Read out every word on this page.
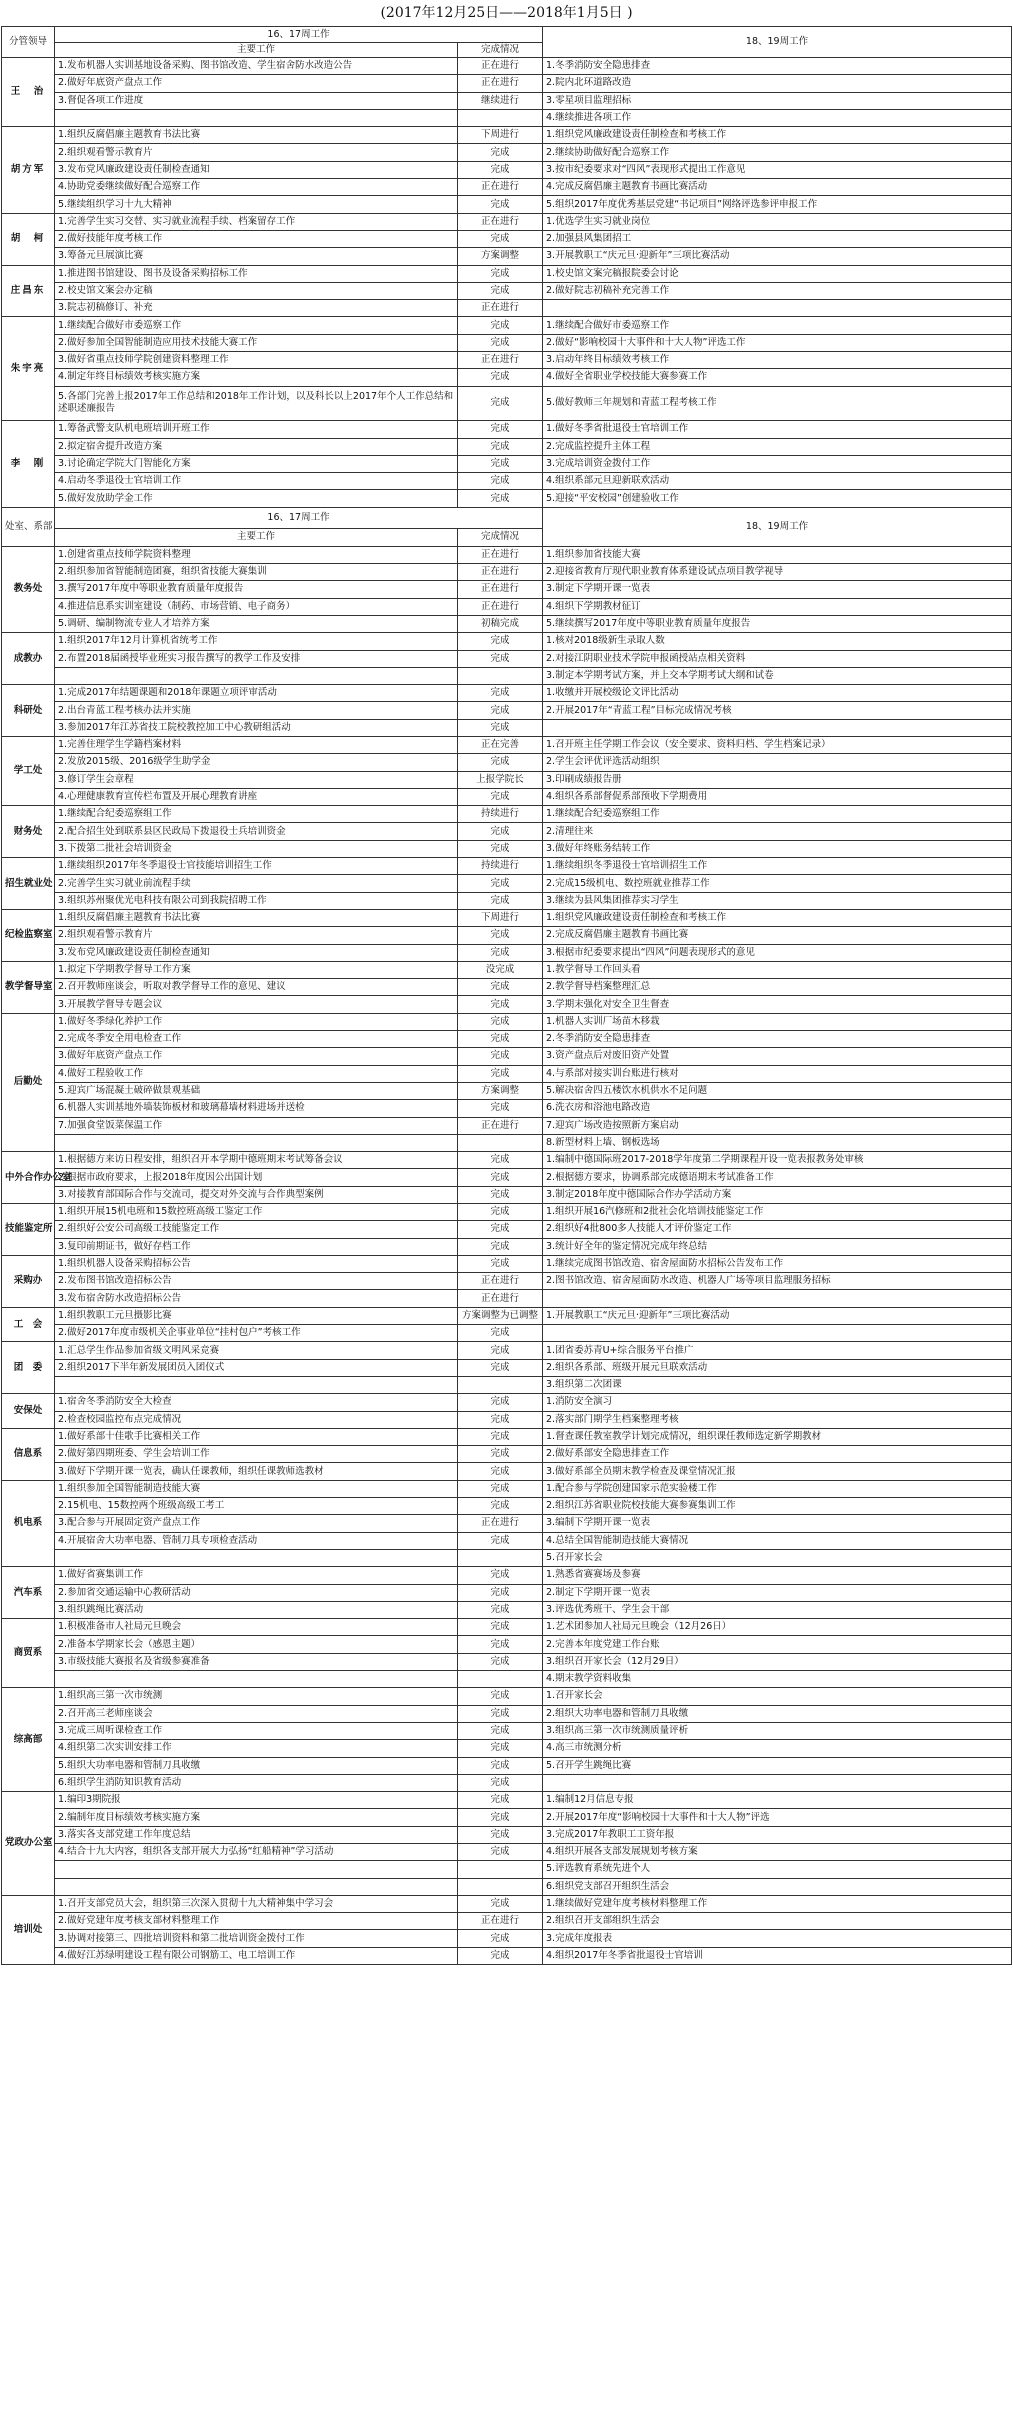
(2017年12月25日——2018年1月5日 )
分管领导	16、17周工作		18、19周工作
	主要工作	完成情况	
王　治	1.发布机器人实训基地设备采购、图书馆改造、学生宿舍防水改造公告	正在进行	1.冬季消防安全隐患排查
	2.做好年底资产盘点工作	正在进行	2.院内北环道路改造
	3.督促各项工作进度	继续进行	3.零星项目监理招标
			4.继续推进各项工作
胡方军	1.组织反腐倡廉主题教育书法比赛	下周进行	1.组织党风廉政建设责任制检查和考核工作
	2.组织观看警示教育片	完成	2.继续协助做好配合巡察工作
	3.发布党风廉政建设责任制检查通知	完成	3.按市纪委要求对“四风”表现形式提出工作意见
	4.协助党委继续做好配合巡察工作	正在进行	4.完成反腐倡廉主题教育书画比赛活动
	5.继续组织学习十九大精神	完成	5.组织2017年度优秀基层党建“书记项目”网络评选参评申报工作
胡　柯	1.完善学生实习交替、实习就业流程手续、档案留存工作	正在进行	1.优选学生实习就业岗位
	2.做好技能年度考核工作	完成	2.加强县风集团招工
	3.筹备元旦展演比赛	方案调整	3.开展教职工“庆元旦·迎新年”三项比赛活动
庄昌东	1.推进图书馆建设、图书及设备采购招标工作	完成	1.校史馆文案完稿报院委会讨论
	2.校史馆文案会办定稿	完成	2.做好院志初稿补充完善工作
	3.院志初稿修订、补充	正在进行	
朱宇亮	1.继续配合做好市委巡察工作	完成	1.继续配合做好市委巡察工作
	2.做好参加全国智能制造应用技术技能大赛工作	完成	2.做好“影响校园十大事件和十大人物”评选工作
	3.做好省重点技师学院创建资料整理工作	正在进行	3.启动年终目标绩效考核工作
	4.制定年终目标绩效考核实施方案	完成	4.做好全省职业学校技能大赛参赛工作
	5.各部门完善上报2017年工作总结和2018年工作计划，以及科长以上2017年个人工作总结和述职述廉报告	完成	5.做好教师三年规划和青蓝工程考核工作
李　刚	1.筹备武警支队机电班培训开班工作	完成	1.做好冬季省批退役士官培训工作
	2.拟定宿舍提升改造方案	完成	2.完成监控提升主体工程
	3.讨论确定学院大门智能化方案	完成	3.完成培训资金拨付工作
	4.启动冬季退役士官培训工作	完成	4.组织系部元旦迎新联欢活动
	5.做好发放助学金工作	完成	5.迎接“平安校园”创建验收工作
处室、系部	16、17周工作		18、19周工作
	主要工作	完成情况	
教务处	1.创建省重点技师学院资料整理	正在进行	1.组织参加省技能大赛
	2.组织参加省智能制造团赛，组织省技能大赛集训	正在进行	2.迎接省教育厅现代职业教育体系建设试点项目教学视导
	3.撰写2017年度中等职业教育质量年度报告	正在进行	3.制定下学期开课一览表
	4.推进信息系实训室建设（制药、市场营销、电子商务）	正在进行	4.组织下学期教材征订
	5.调研、编制物流专业人才培养方案	初稿完成	5.继续撰写2017年度中等职业教育质量年度报告
成教办	1.组织2017年12月计算机省统考工作	完成	1.核对2018级新生录取人数
	2.布置2018届函授毕业班实习报告撰写的教学工作及安排	完成	2.对接江阴职业技术学院申报函授站点相关资料
			3.制定本学期考试方案，并上交本学期考试大纲和试卷
科研处	1.完成2017年结题课题和2018年课题立项评审活动	完成	1.收缴并开展校级论文评比活动
	2.出台青蓝工程考核办法并实施	完成	2.开展2017年“青蓝工程”目标完成情况考核
	3.参加2017年江苏省技工院校教控加工中心教研组活动	完成	
学工处	1.完善住理学生学籍档案材料	正在完善	1.召开班主任学期工作会议（安全要求、资料归档、学生档案记录）
	2.发放2015级、2016级学生助学金	完成	2.学生会评优评选活动组织
	3.修订学生会章程	上报学院长	3.印刷成绩报告册
	4.心理健康教育宣传栏布置及开展心理教育讲座	完成	4.组织各系部督促系部预收下学期费用
财务处	1.继续配合纪委巡察组工作	持续进行	1.继续配合纪委巡察组工作
	2.配合招生处到联系县区民政局下拨退役士兵培训资金	完成	2.清理往来
	3.下拨第二批社会培训资金	完成	3.做好年终账务结转工作
招生就业处	1.继续组织2017年冬季退役士官技能培训招生工作	持续进行	1.继续组织冬季退役士官培训招生工作
	2.完善学生实习就业前流程手续	完成	2.完成15级机电、数控班就业推荐工作
	3.组织苏州聚优光电科技有限公司到我院招聘工作	完成	3.继续为县风集团推荐实习学生
纪检监察室	1.组织反腐倡廉主题教育书法比赛	下周进行	1.组织党风廉政建设责任制检查和考核工作
	2.组织观看警示教育片	完成	2.完成反腐倡廉主题教育书画比赛
	3.发布党风廉政建设责任制检查通知	完成	3.根据市纪委要求提出“四风”问题表现形式的意见
教学督导室	1.拟定下学期教学督导工作方案	没完成	1.教学督导工作回头看
	2.召开教师座谈会，听取对教学督导工作的意见、建议	完成	2.教学督导档案整理汇总
	3.开展教学督导专题会议	完成	3.学期末强化对安全卫生督查
后勤处	1.做好冬季绿化养护工作	完成	1.机器人实训厂场苗木移栽
	2.完成冬季安全用电检查工作	完成	2.冬季消防安全隐患排查
	3.做好年底资产盘点工作	完成	3.资产盘点后对废旧资产处置
	4.做好工程验收工作	完成	4.与系部对接实训台账进行核对
	5.迎宾广场混凝土破碎做景观基础	方案调整	5.解决宿舍四五楼饮水机供水不足问题
	6.机器人实训基地外墙装饰板材和玻璃幕墙材料进场并送检	完成	6.洗衣房和浴池电路改造
	7.加强食堂饭菜保温工作	正在进行	7.迎宾广场改造按照新方案启动
			8.新型材料上墙、钢板选场
中外合作办公室	1.根据德方来访日程安排，组织召开本学期中德班期末考试筹备会议	完成	1.编制中德国际班2017-2018学年度第二学期课程开设一览表报教务处审核
	2.根据市政府要求，上报2018年度因公出国计划	完成	2.根据德方要求，协调系部完成德语期末考试准备工作
	3.对接教育部国际合作与交流司，提交对外交流与合作典型案例	完成	3.制定2018年度中德国际合作办学活动方案
技能鉴定所	1.组织开展15机电班和15数控班高级工鉴定工作	完成	1.组织开展16汽修班和2批社会化培训技能鉴定工作
	2.组织好公安公司高级工技能鉴定工作	完成	2.组织好4批800多人技能人才评价鉴定工作
	3.复印前期证书，做好存档工作	完成	3.统计好全年的鉴定情况完成年终总结
采购办	1.组织机器人设备采购招标公告	完成	1.继续完成图书馆改造、宿舍屋面防水招标公告发布工作
	2.发布图书馆改造招标公告	正在进行	2.图书馆改造、宿舍屋面防水改造、机器人广场等项目监理服务招标
	3.发布宿舍防水改造招标公告	正在进行	
工　会	1.组织教职工元旦摄影比赛	方案调整为已调整	1.开展教职工“庆元旦·迎新年”三项比赛活动
	2.做好2017年度市级机关企事业单位“挂村包户”考核工作	完成	
团　委	1.汇总学生作品参加省级文明风采竞赛	完成	1.团省委苏青U+综合服务平台推广
	2.组织2017下半年新发展团员入团仪式	完成	2.组织各系部、班级开展元旦联欢活动
			3.组织第二次团课
安保处	1.宿舍冬季消防安全大检查	完成	1.消防安全演习
	2.检查校园监控布点完成情况	完成	2.落实部门期学生档案整理考核
信息系	1.做好系部十佳歌手比赛相关工作	完成	1.督查课任教室教学计划完成情况，组织课任教师选定新学期教材
	2.做好第四期班委、学生会培训工作	完成	2.做好系部安全隐患排查工作
	3.做好下学期开课一览表，确认任课教师，组织任课教师选教材	完成	3.做好系部全员期末教学检查及课堂情况汇报
机电系	1.组织参加全国智能制造技能大赛	完成	1.配合参与学院创建国家示范实验楼工作
	2.15机电、15数控两个班级高级工考工	完成	2.组织江苏省职业院校技能大赛参赛集训工作
	3.配合参与开展固定资产盘点工作	正在进行	3.编制下学期开课一览表
	4.开展宿舍大功率电器、管制刀具专项检查活动	完成	4.总结全国智能制造技能大赛情况
			5.召开家长会
汽车系	1.做好省赛集训工作	完成	1.熟悉省赛赛场及参赛
	2.参加省交通运输中心教研活动	完成	2.制定下学期开课一览表
	3.组织跳绳比赛活动	完成	3.评选优秀班干、学生会干部
商贸系	1.积极准备市人社局元旦晚会	完成	1.艺术团参加人社局元旦晚会（12月26日）
	2.准备本学期家长会（感恩主题）	完成	2.完善本年度党建工作台账
	3.市级技能大赛报名及省级参赛准备	完成	3.组织召开家长会（12月29日）
			4.期末教学资料收集
综高部	1.组织高三第一次市统测	完成	1.召开家长会
	2.召开高三老师座谈会	完成	2.组织大功率电器和管制刀具收缴
	3.完成三周听课检查工作	完成	3.组织高三第一次市统测质量评析
	4.组织第二次实训安排工作	完成	4.高三市统测分析
	5.组织大功率电器和管制刀具收缴	完成	5.召开学生跳绳比赛
	6.组织学生消防知识教育活动	完成	
党政办公室	1.编印3期院报	完成	1.编制12月信息专报
	2.编制年度目标绩效考核实施方案	完成	2.开展2017年度“影响校园十大事件和十大人物”评选
	3.落实各支部党建工作年度总结	完成	3.完成2017年教职工工资年报
	4.结合十九大内容，组织各支部开展大力弘扬“红船精神”学习活动	完成	4.组织开展各支部发展规划考核方案
			5.评选教育系统先进个人
			6.组织党支部召开组织生活会
培训处	1.召开支部党员大会，组织第三次深入贯彻十九大精神集中学习会	完成	1.继续做好党建年度考核材料整理工作
	2.做好党建年度考核支部材料整理工作	正在进行	2.组织召开支部组织生活会
	3.协调对接第三、四批培训资料和第二批培训资金拨付工作	完成	3.完成年度报表
	4.做好江苏绿明建设工程有限公司钢筋工、电工培训工作	完成	4.组织2017年冬季省批退役士官培训
